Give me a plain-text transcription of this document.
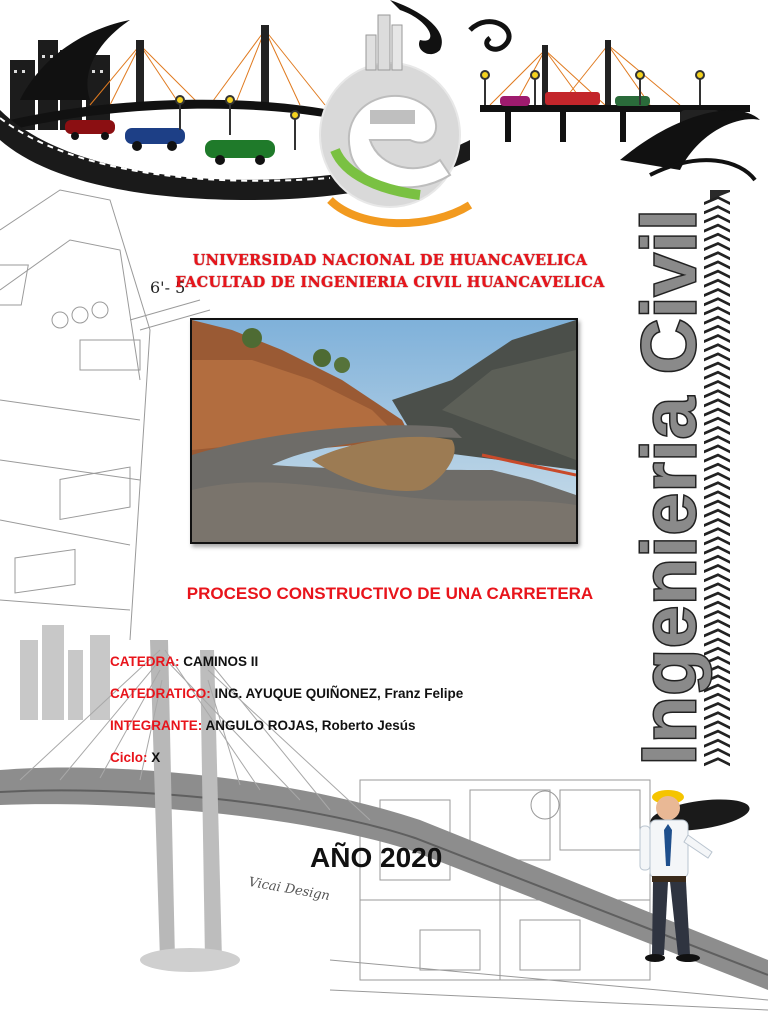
6'- 5
UNIVERSIDAD NACIONAL DE HUANCAVELICA
FACULTAD DE INGENIERIA CIVIL HUANCAVELICA
PROCESO CONSTRUCTIVO DE UNA CARRETERA
CATEDRA: CAMINOS II
CATEDRATICO: ING. AYUQUE QUIÑONEZ, Franz Felipe
INTEGRANTE: ANGULO ROJAS, Roberto Jesús
Ciclo: X
AÑO 2020
Vicai Design
Ingenieria Civil
